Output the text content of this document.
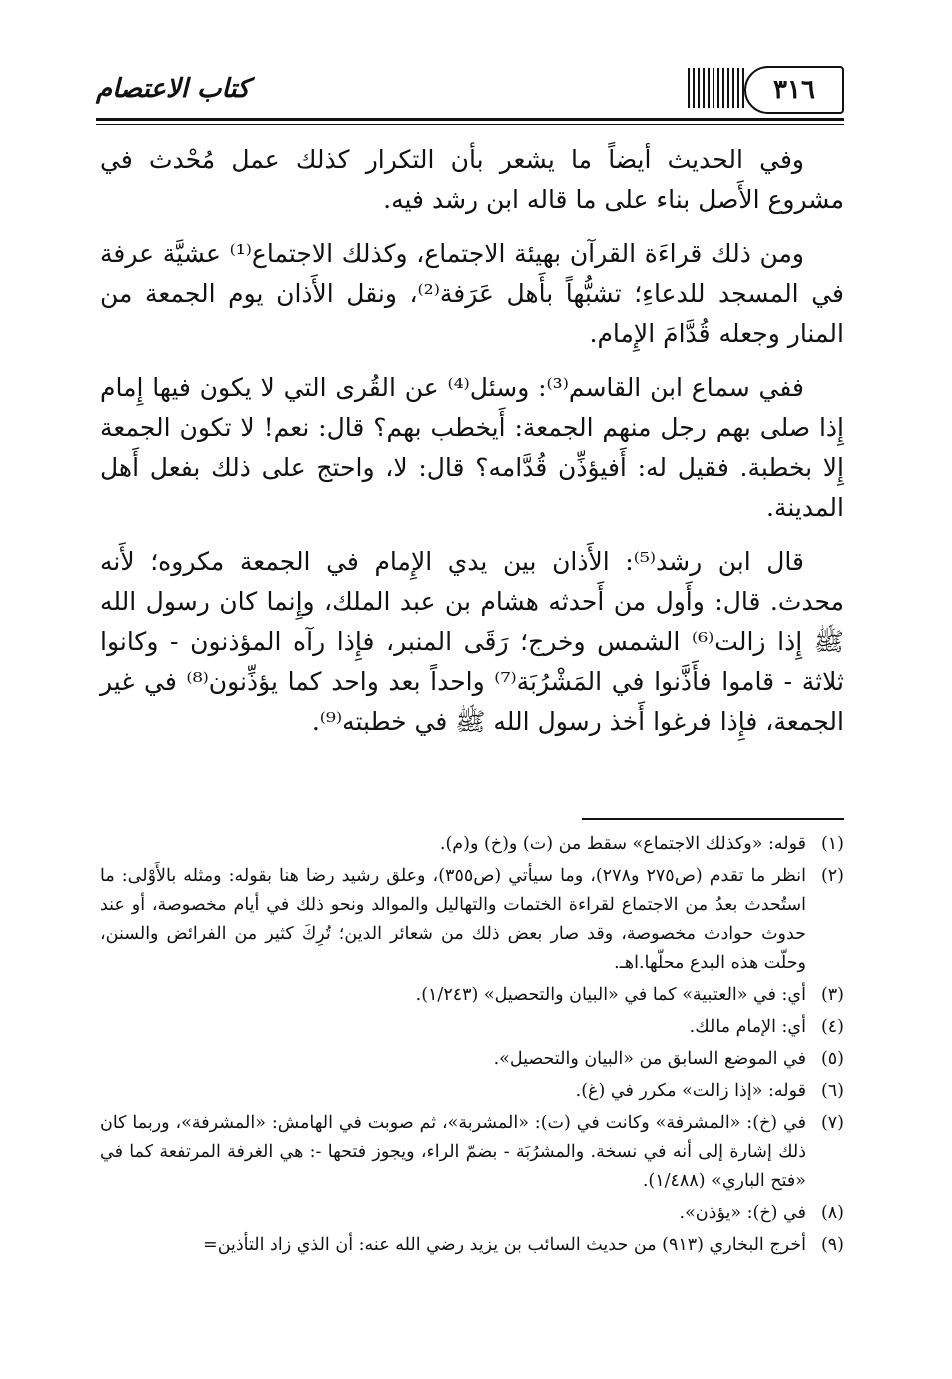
كتاب الاعتصام	٣١٦

وفي الحديث أيضاً ما يشعر بأن التكرار كذلك عمل مُحْدث في مشروع الأَصل بناء على ما قاله ابن رشد فيه.

ومن ذلك قراءَة القرآن بهيئة الاجتماع، وكذلك الاجتماع⁽¹⁾ عشيَّة عرفة في المسجد للدعاءِ؛ تشبُّهاً بأَهل عَرَفة⁽²⁾، ونقل الأَذان يوم الجمعة من المنار وجعله قُدَّامَ الإِمام.

ففي سماع ابن القاسم⁽³⁾: وسئل⁽⁴⁾ عن القُرى التي لا يكون فيها إِمام إِذا صلى بهم رجل منهم الجمعة: أَيخطب بهم؟ قال: نعم! لا تكون الجمعة إِلا بخطبة. فقيل له: أَفيؤذِّن قُدَّامه؟ قال: لا، واحتج على ذلك بفعل أَهل المدينة.

قال ابن رشد⁽⁵⁾: الأَذان بين يدي الإِمام في الجمعة مكروه؛ لأَنه محدث. قال: وأَول من أَحدثه هشام بن عبد الملك، وإِنما كان رسول الله ﷺ إِذا زالت⁽⁶⁾ الشمس وخرج؛ رَقَى المنبر، فإِذا رآه المؤذنون - وكانوا ثلاثة - قاموا فأَذَّنوا في المَشْرُبَة⁽⁷⁾ واحداً بعد واحد كما يؤذِّنون⁽⁸⁾ في غير الجمعة، فإِذا فرغوا أَخذ رسول الله ﷺ في خطبته⁽⁹⁾.

(١)
قوله: «وكذلك الاجتماع» سقط من (ت) و(خ) و(م).
(٢)
انظر ما تقدم (ص٢٧٥ و٢٧٨)، وما سيأتي (ص٣٥٥)، وعلق رشيد رضا هنا بقوله: ومثله بالأَوْلى: ما استُحدث بعدُ من الاجتماع لقراءة الختمات والتهاليل والموالد ونحو ذلك في أيام مخصوصة، أو عند حدوث حوادث مخصوصة، وقد صار بعض ذلك من شعائر الدين؛ تُرِكَ كثير من الفرائض والسنن، وحلّت هذه البدع محلّها.اهـ.
(٣)
أي: في «العتبية» كما في «البيان والتحصيل» (١/٢٤٣).
(٤)
أي: الإمام مالك.
(٥)
في الموضع السابق من «البيان والتحصيل».
(٦)
قوله: «إذا زالت» مكرر في (غ).
(٧)
في (خ): «المشرفة» وكانت في (ت): «المشربة»، ثم صوبت في الهامش: «المشرفة»، وربما كان ذلك إشارة إلى أنه في نسخة. والمشرُبَة - بضمّ الراء، ويجوز فتحها -: هي الغرفة المرتفعة كما في «فتح الباري» (١/٤٨٨).
(٨)
في (خ): «يؤذن».
(٩)
أخرج البخاري (٩١٣) من حديث السائب بن يزيد رضي الله عنه: أن الذي زاد التأذين=
